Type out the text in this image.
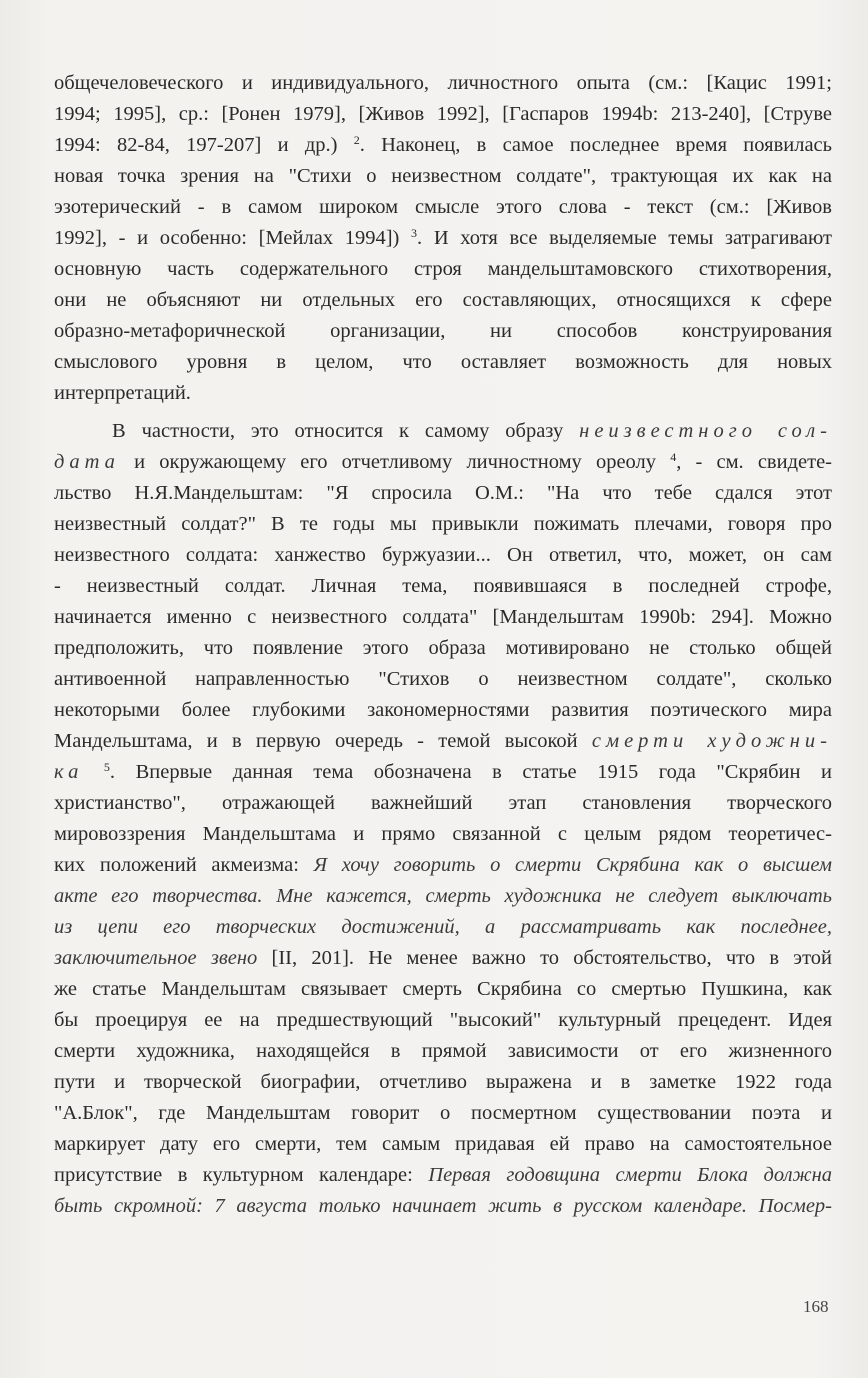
общечеловеческого и индивидуального, личностного опыта (см.: [Кацис 1991;
1994; 1995], ср.: [Ронен 1979], [Живов 1992], [Гаспаров 1994b: 213-240], [Струве
1994: 82-84, 197-207] и др.) $^2$. Наконец, в самое последнее время появилась
новая точка зрения на "Стихи о неизвестном солдате", трактующая их как на
эзотерический - в самом широком смысле этого слова - текст (см.: [Живов
1992], - и особенно: [Мейлах 1994]) $^3$. И хотя все выделяемые темы затрагивают
основную часть содержательного строя мандельштамовского стихотворения,
они не объясняют ни отдельных его составляющих, относящихся к сфере
образно-метафоричнеской организации, ни способов конструирования
смыслового уровня в целом, что оставляет возможность для новых
интерпретаций.
В частности, это относится к самому образу неизвестного сол-
дата и окружающему его отчетливому личностному ореолу $^4$, - см. свидете-
льство Н.Я.Мандельштам: "Я спросила О.М.: "На что тебе сдался этот
неизвестный солдат?" В те годы мы привыкли пожимать плечами, говоря про
неизвестного солдата: ханжество буржуазии... Он ответил, что, может, он сам
- неизвестный солдат. Личная тема, появившаяся в последней строфе,
начинается именно с неизвестного солдата" [Мандельштам 1990b: 294]. Можно
предположить, что появление этого образа мотивировано не столько общей
антивоенной направленностью "Стихов о неизвестном солдате", сколько
некоторыми более глубокими закономерностями развития поэтического мира
Мандельштама, и в первую очередь - темой высокой смерти художни-
ка $^5$. Впервые данная тема обозначена в статье 1915 года "Скрябин и
христианство", отражающей важнейший этап становления творческого
мировоззрения Мандельштама и прямо связанной с целым рядом теоретичес-
ких положений акмеизма: Я хочу говорить о смерти Скрябина как о высшем
акте его творчества. Мне кажется, смерть художника не следует выключать
из цепи его творческих достижений, а рассматривать как последнее,
заключительное звено [II, 201]. Не менее важно то обстоятельство, что в этой
же статье Мандельштам связывает смерть Скрябина со смертью Пушкина, как
бы проецируя ее на предшествующий "высокий" культурный прецедент. Идея
смерти художника, находящейся в прямой зависимости от его жизненного
пути и творческой биографии, отчетливо выражена и в заметке 1922 года
"А.Блок", где Мандельштам говорит о посмертном существовании поэта и
маркирует дату его смерти, тем самым придавая ей право на самостоятельное
присутствие в культурном календаре: Первая годовщина смерти Блока должна
быть скромной: 7 августа только начинает жить в русском календаре. Посмер-
168
